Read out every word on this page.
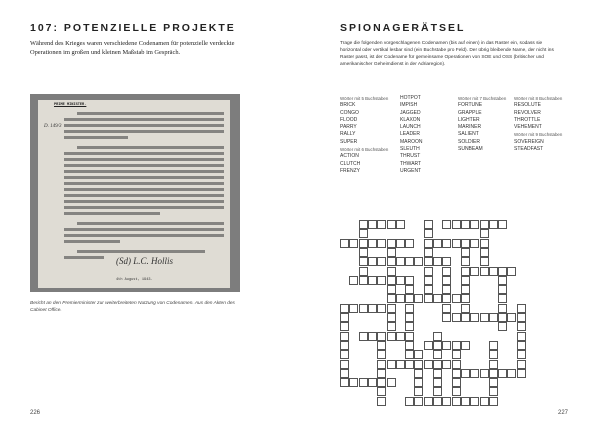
107: POTENZIELLE PROJEKTE
Während des Krieges waren verschiedene Codenamen für potenzielle verdeckte Operationen im großen und kleinen Maßstab im Gespräch.
PRIME MINISTER.
D. 149/3
(Sd) L.C. Hollis
4th August, 1943.
Bericht an den Premierminister zur weiterbreiteten Nutzung von Codenamen. Aus den Akten des Cabinet Office.
226
SPIONAGERÄTSEL
Trage die folgenden vorgeschlagenen Codenamen (bis auf einen) in das Raster ein, sodass sie horizontal oder vertikal lesbar sind (ein Buchstabe pro Feld). Der übrig bleibende Name, der nicht ins Raster passt, ist der Codename für gemeinsame Operationen von SOE und OSS (britischer und amerikanischer Geheimdienst in der Adriaregion).
Wörter mit 5 Buchstaben
BRICK
CONGO
FLOOD
PARRY
RALLY
SUPER
Wörter mit 6 Buchstaben
ACTION
CLUTCH
FRENZY
HOTPOT
IMPISH
JAGGED
KLAXON
LAUNCH
LEADER
MAROON
SLEUTH
THRUST
THWART
URGENT
Wörter mit 7 Buchstaben
FORTUNE
GRAPPLE
LIGHTER
MARINER
SALIENT
SOLDIER
SUNBEAM
Wörter mit 8 Buchstaben
RESOLUTE
REVOLVER
THROTTLE
VEHEMENT
Wörter mit 9 Buchstaben
SOVEREIGN
STEADFAST
227
